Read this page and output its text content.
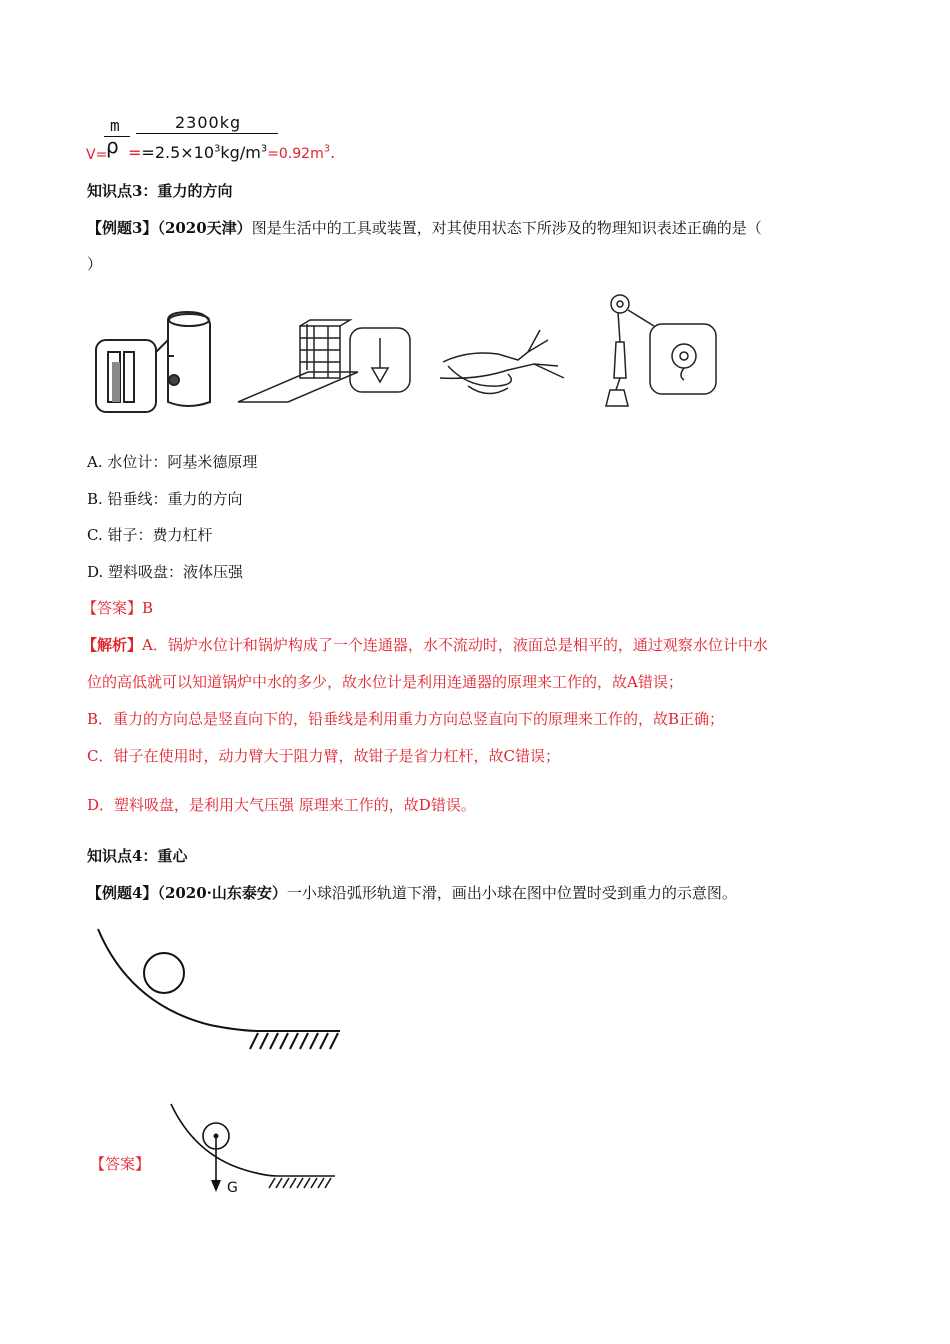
m	2300kg
V=
$\rho ==2.5\times 10^3kg/m^3=0.92m^3$.
知识点3：重力的方向
【例题3】（2020天津）图是生活中的工具或装置，对其使用状态下所涉及的物理知识表述正确的是（
）
A. 水位计：阿基米德原理
B. 铅垂线：重力的方向
C. 钳子：费力杠杆
D. 塑料吸盘：液体压强
【答案】B
【解析】A．锅炉水位计和锅炉构成了一个连通器，水不流动时，液面总是相平的，通过观察水位计中水
位的高低就可以知道锅炉中水的多少，故水位计是利用连通器的原理来工作的，故A错误；
B．重力的方向总是竖直向下的，铅垂线是利用重力方向总竖直向下的原理来工作的，故B正确；
C．钳子在使用时，动力臂大于阻力臂，故钳子是省力杠杆，故C错误；
D．塑料吸盘，是利用大气压强 原理来工作的，故D错误。
知识点4：重心
【例题4】（2020·山东泰安）一小球沿弧形轨道下滑，画出小球在图中位置时受到重力的示意图。
【答案】
G
